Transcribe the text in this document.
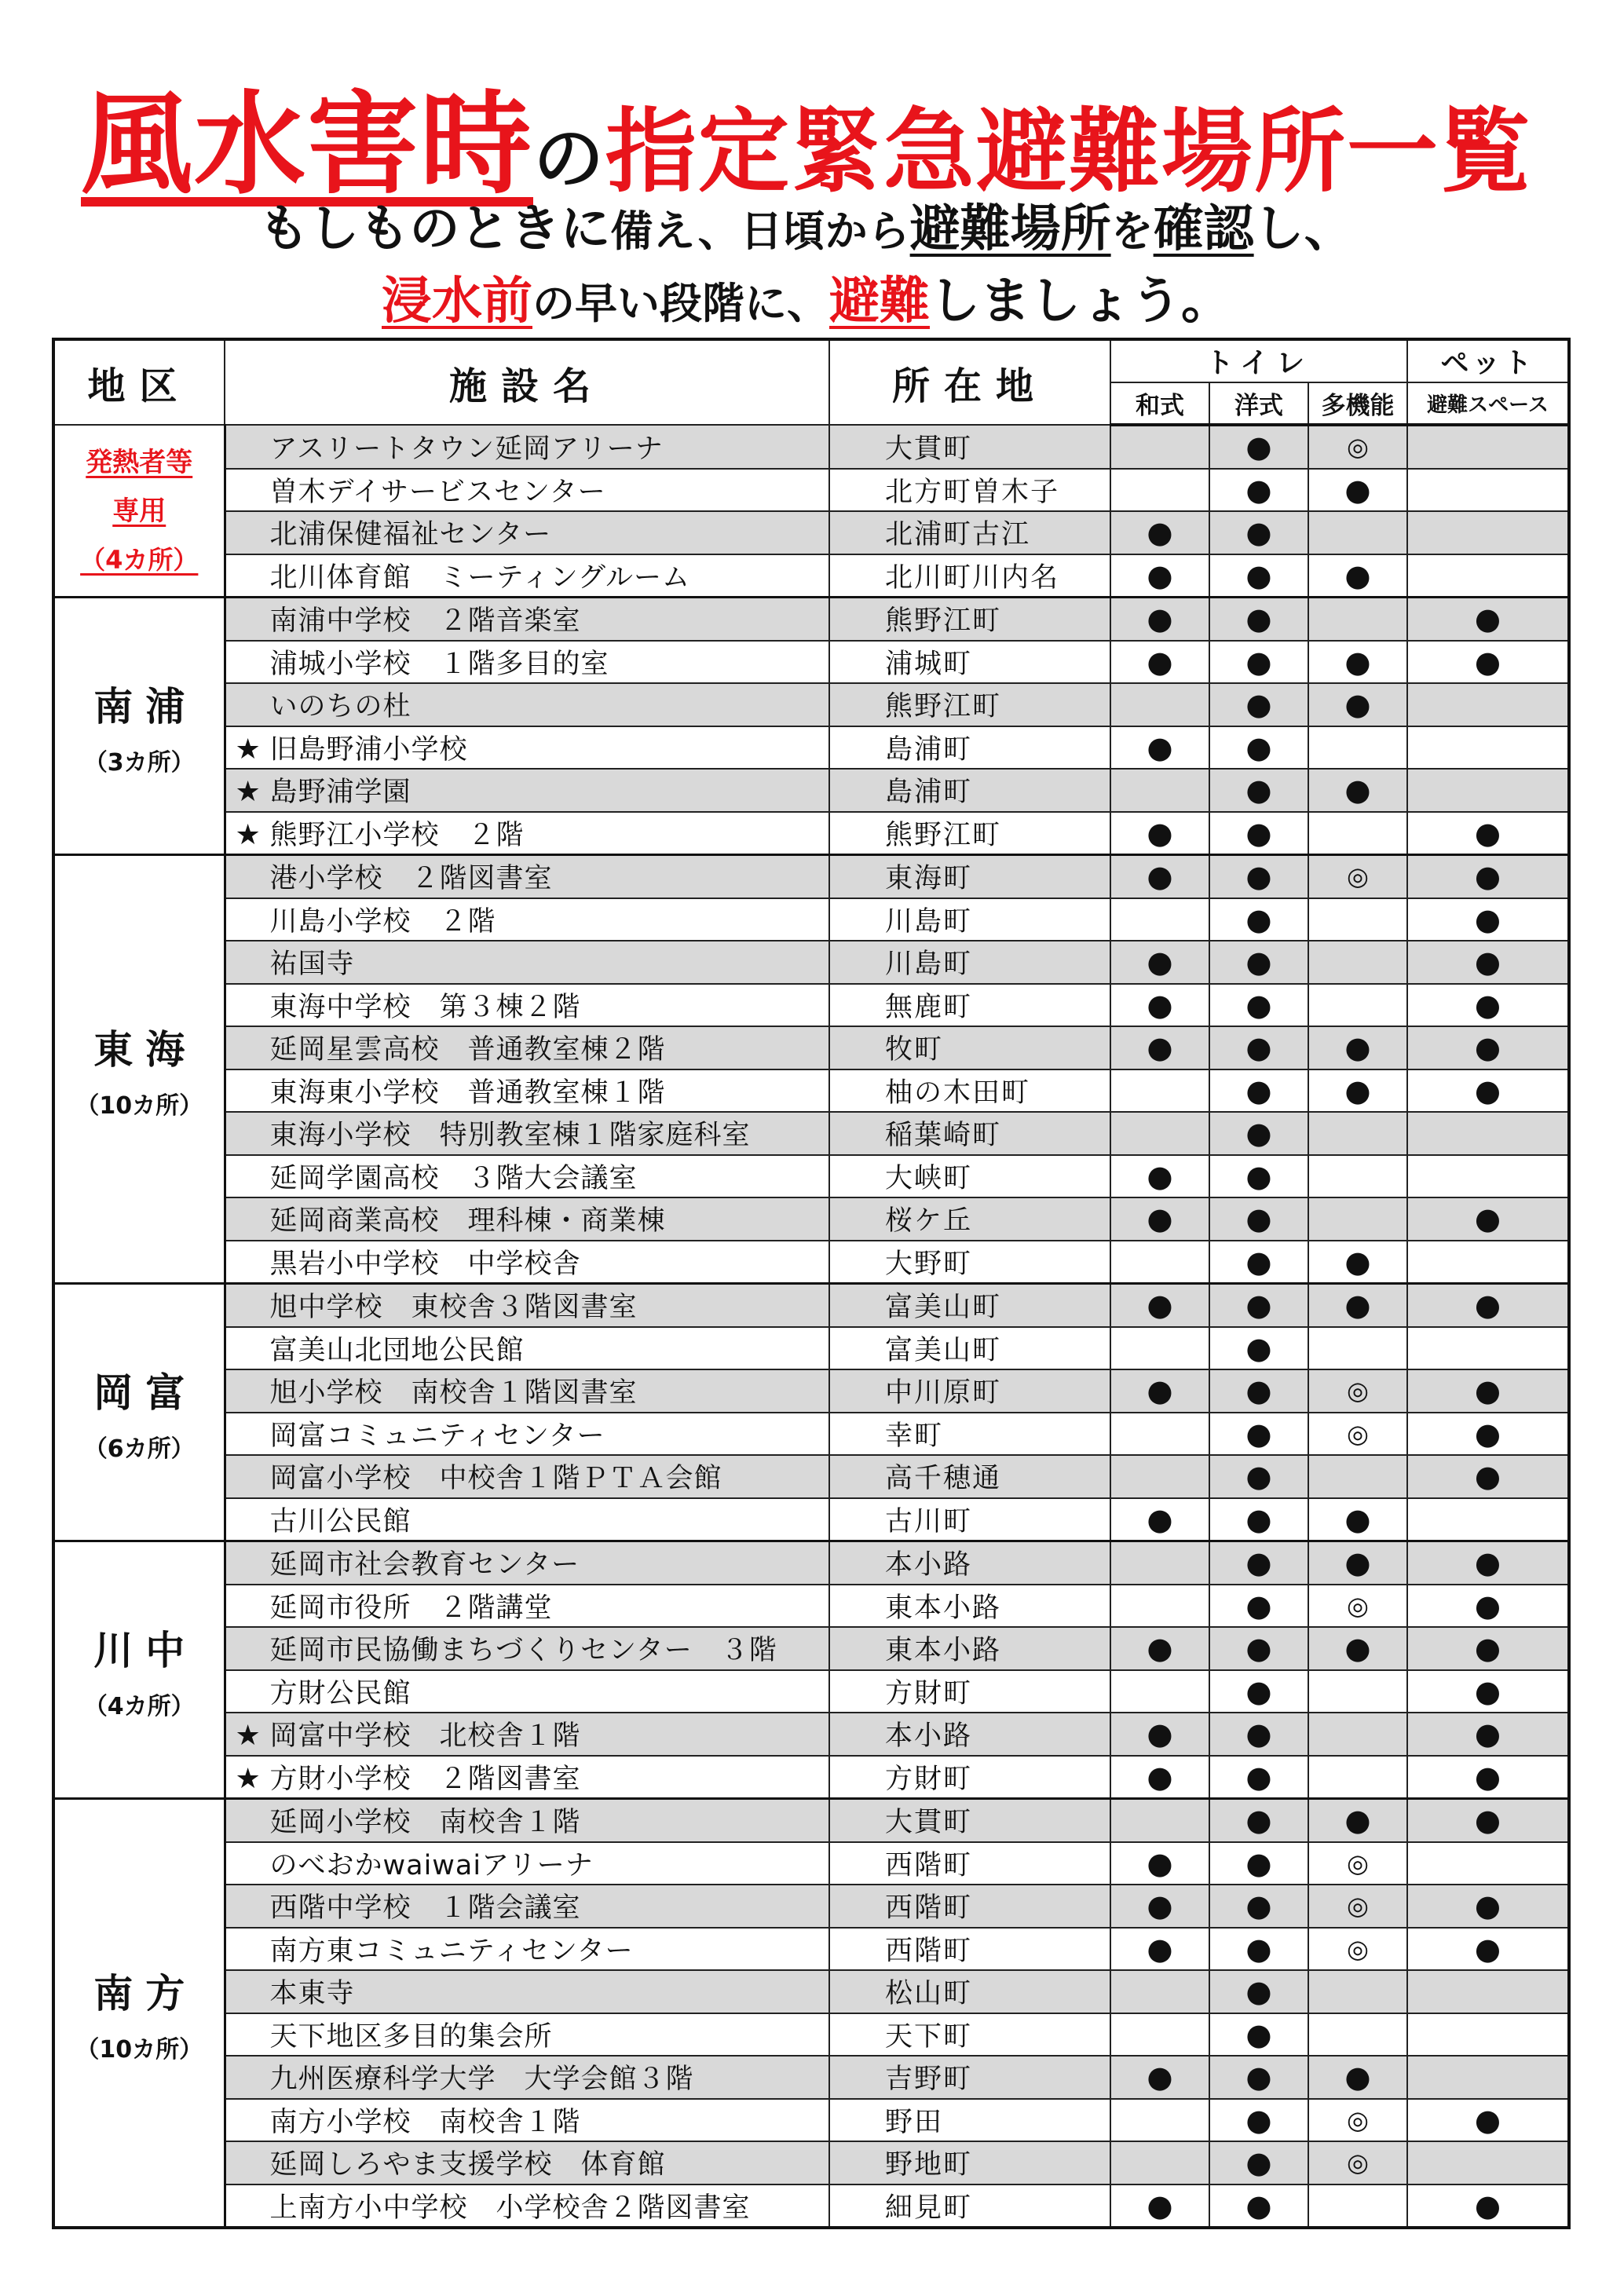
風水害時の指定緊急避難場所一覧
もしものときに備え、日頃から避難場所を確認し、
浸水前の早い段階に、避難しましょう。
地区	施設名	所在地	トイレ			ペット
			和式	洋式	多機能	避難スペース

発熱者等
専用
（4カ所）	アスリートタウン延岡アリーナ	大貫町		●	◎	
	曽木デイサービスセンター	北方町曽木子		●	●	
	北浦保健福祉センター	北浦町古江	●	●		
	北川体育館　ミーティングルーム	北川町川内名	●	●	●	

南浦
（3カ所）	南浦中学校　２階音楽室	熊野江町	●	●		●
	浦城小学校　１階多目的室	浦城町	●	●	●	●
	いのちの杜	熊野江町		●	●	
	★ 旧島野浦小学校	島浦町	●	●		
	★ 島野浦学園	島浦町		●	●	
	★ 熊野江小学校　２階	熊野江町	●	●		●

東海
（10カ所）	港小学校　２階図書室	東海町	●	●	◎	●
	川島小学校　２階	川島町		●		●
	祐国寺	川島町	●	●		●
	東海中学校　第３棟２階	無鹿町	●	●		●
	延岡星雲高校　普通教室棟２階	牧町	●	●	●	●
	東海東小学校　普通教室棟１階	柚の木田町		●	●	●
	東海小学校　特別教室棟１階家庭科室	稲葉崎町		●		
	延岡学園高校　３階大会議室	大峡町	●	●		
	延岡商業高校　理科棟・商業棟	桜ケ丘	●	●		●
	黒岩小中学校　中学校舎	大野町		●	●	

岡富
（6カ所）	旭中学校　東校舎３階図書室	富美山町	●	●	●	●
	富美山北団地公民館	富美山町		●		
	旭小学校　南校舎１階図書室	中川原町	●	●	◎	●
	岡富コミュニティセンター	幸町		●	◎	●
	岡富小学校　中校舎１階ＰＴＡ会館	高千穂通		●		●
	古川公民館	古川町	●	●	●	

川中
（4カ所）	延岡市社会教育センター	本小路		●	●	●
	延岡市役所　２階講堂	東本小路		●	◎	●
	延岡市民協働まちづくりセンター　３階	東本小路	●	●	●	●
	方財公民館	方財町		●		●
	★ 岡富中学校　北校舎１階	本小路	●	●		●
	★ 方財小学校　２階図書室	方財町	●	●		●

南方
（10カ所）	延岡小学校　南校舎１階	大貫町		●	●	●
	のべおかwaiwaiアリーナ	西階町	●	●	◎	
	西階中学校　１階会議室	西階町	●	●	◎	●
	南方東コミュニティセンター	西階町	●	●	◎	●
	本東寺	松山町		●		
	天下地区多目的集会所	天下町		●		
	九州医療科学大学　大学会館３階	吉野町	●	●	●	
	南方小学校　南校舎１階	野田		●	◎	●
	延岡しろやま支援学校　体育館	野地町		●	◎	
	上南方小中学校　小学校舎２階図書室	細見町	●	●		●
